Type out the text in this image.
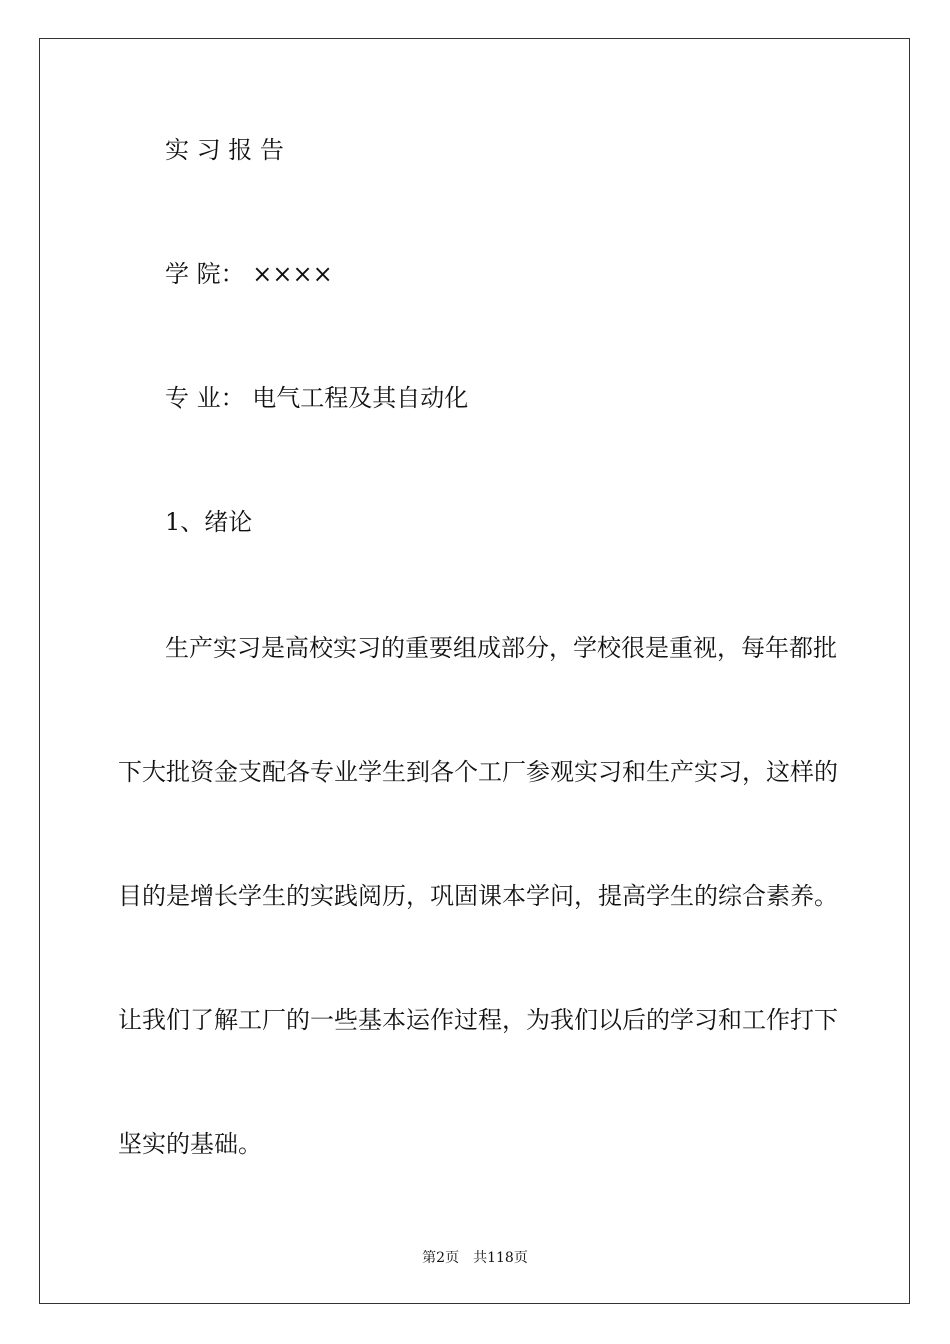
实 习 报 告
学 院： ××××
专 业： 电气工程及其自动化
1、绪论
生产实习是高校实习的重要组成部分，学校很是重视，每年都批
下大批资金支配各专业学生到各个工厂参观实习和生产实习，这样的
目的是增长学生的实践阅历，巩固课本学问，提高学生的综合素养。
让我们了解工厂的一些基本运作过程，为我们以后的学习和工作打下
坚实的基础。
第2页 共118页
